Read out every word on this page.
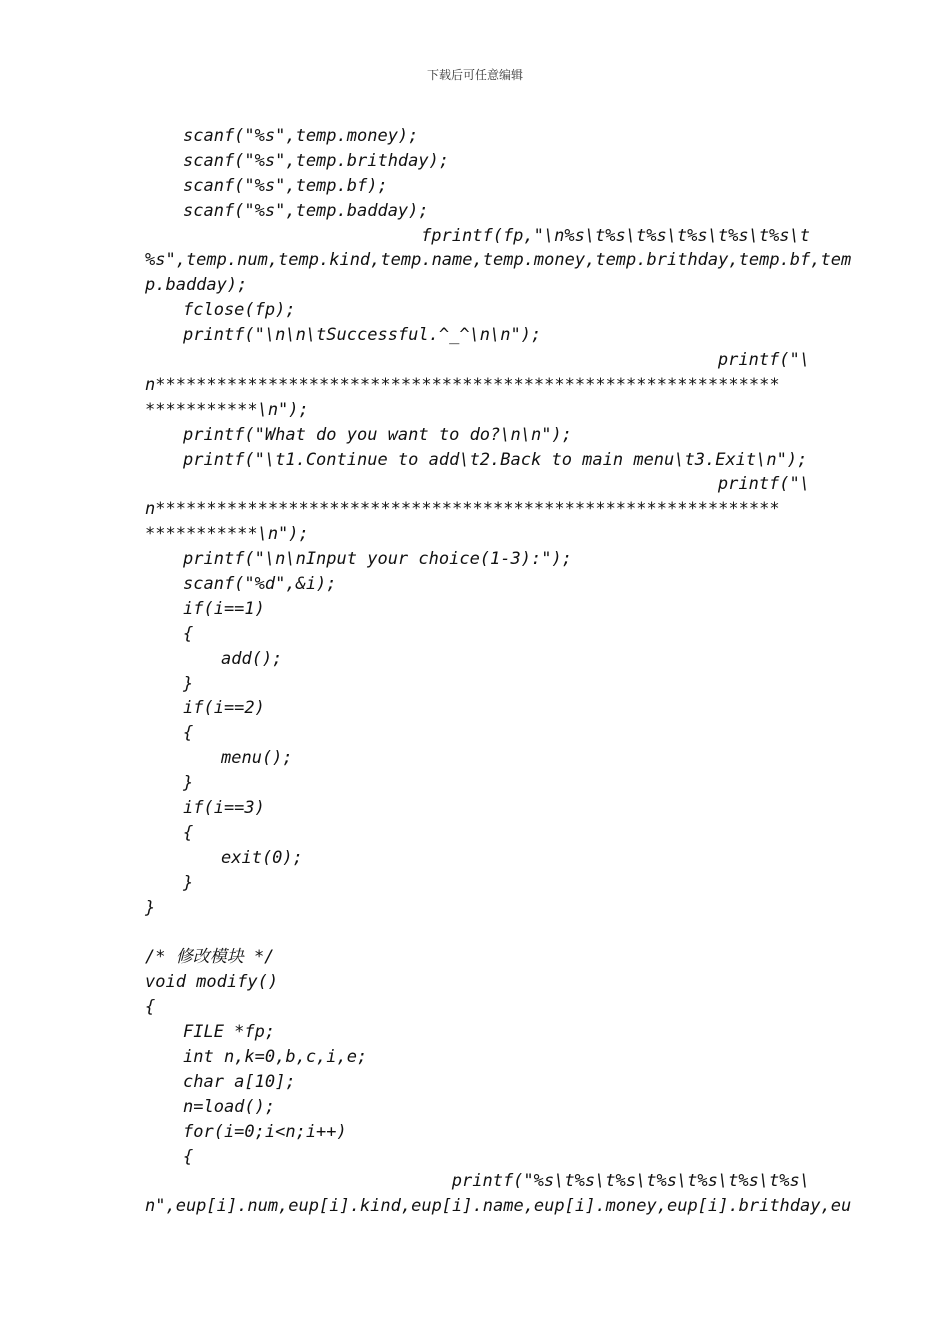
下载后可任意编辑
scanf("%s",temp.money);
scanf("%s",temp.brithday);
scanf("%s",temp.bf);
scanf("%s",temp.badday);
fprintf(fp,"\n%s\t%s\t%s\t%s\t%s\t%s\t
%s",temp.num,temp.kind,temp.name,temp.money,temp.brithday,temp.bf,tem
p.badday);
fclose(fp);
printf("\n\n\tSuccessful.^_^\n\n");
printf("\
n*************************************************************
***********\n");
printf("What do you want to do?\n\n");
printf("\t1.Continue to add\t2.Back to main menu\t3.Exit\n");
printf("\
n*************************************************************
***********\n");
printf("\n\nInput your choice(1-3):");
scanf("%d",&i);
if(i==1)
{
add();
}
if(i==2)
{
menu();
}
if(i==3)
{
exit(0);
}
}
/* 修改模块 */
void modify()
{
FILE *fp;
int n,k=0,b,c,i,e;
char a[10];
n=load();
for(i=0;i<n;i++)
{
printf("%s\t%s\t%s\t%s\t%s\t%s\t%s\
n",eup[i].num,eup[i].kind,eup[i].name,eup[i].money,eup[i].brithday,eu
